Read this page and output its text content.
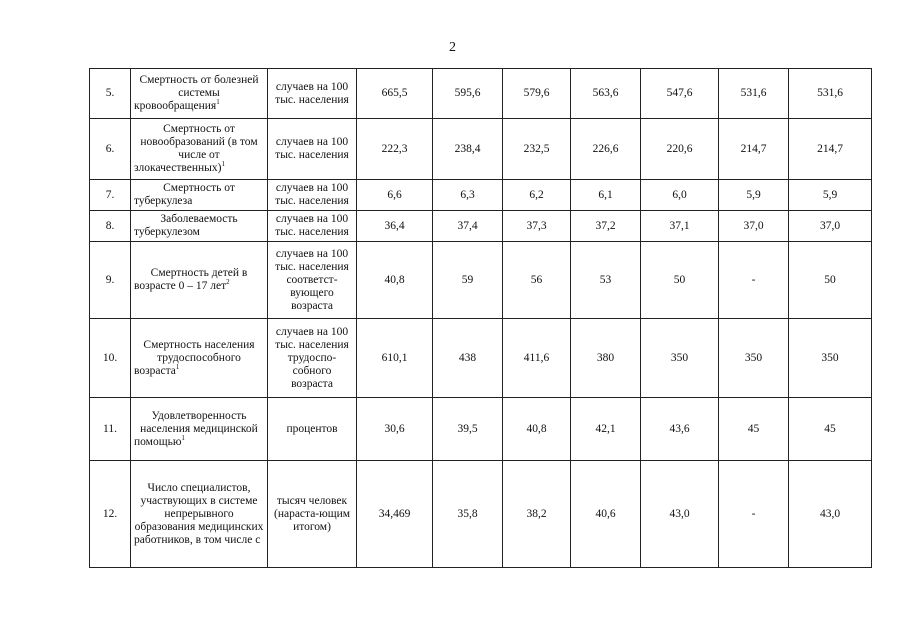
2
5.	Смертность от болезней системы кровообращения$^1$	случаев на 100 тыс. населения	665,5	595,6	579,6	563,6	547,6	531,6	531,6
6.	Смертность от новообразований (в том числе от злокачественных)$^1$	случаев на 100 тыс. населения	222,3	238,4	232,5	226,6	220,6	214,7	214,7
7.	Смертность от туберкулеза	случаев на 100 тыс. населения	6,6	6,3	6,2	6,1	6,0	5,9	5,9
8.	Заболеваемость туберкулезом	случаев на 100 тыс. населения	36,4	37,4	37,3	37,2	37,1	37,0	37,0
9.	Смертность детей в возрасте 0 – 17 лет$^2$	случаев на 100 тыс. населения соответст-вующего возраста	40,8	59	56	53	50	-	50
10.	Смертность населения трудоспособного возраста$^1$	случаев на 100 тыс. населения трудоспо-собного возраста	610,1	438	411,6	380	350	350	350
11.	Удовлетворенность населения медицинской помощью$^1$	процентов	30,6	39,5	40,8	42,1	43,6	45	45
12.	Число специалистов, участвующих в системе непрерывного образования медицинских работников, в том числе с	тысяч человек (нараста-ющим итогом)	34,469	35,8	38,2	40,6	43,0	-	43,0
